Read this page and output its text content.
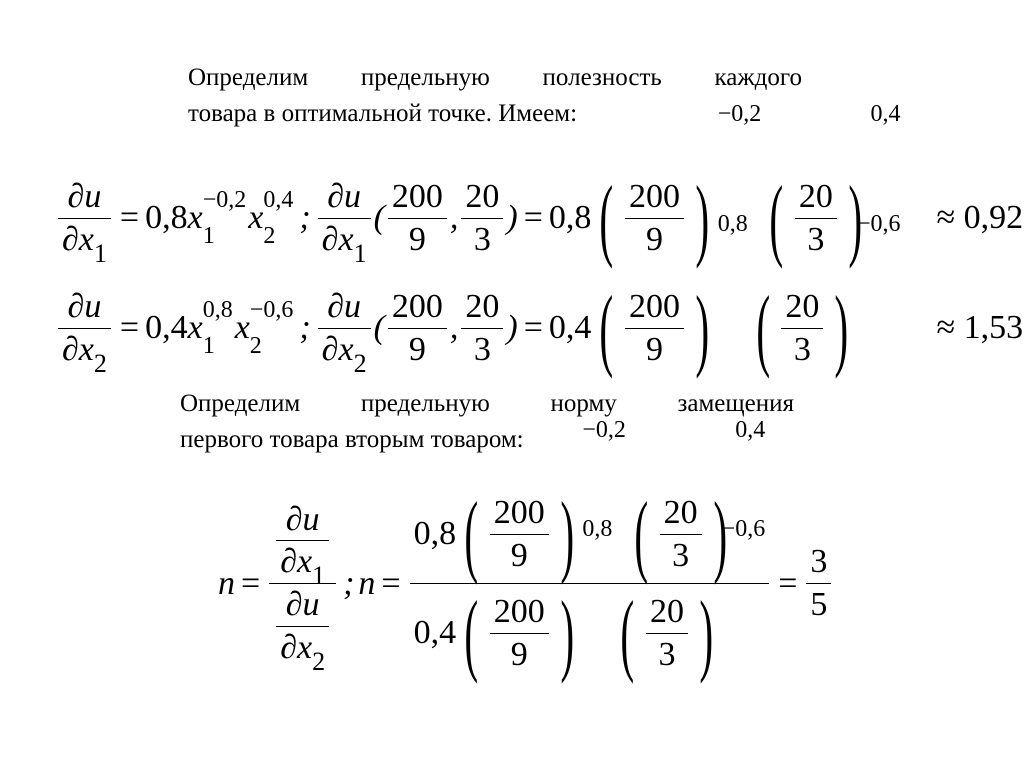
Определим предельную полезность каждого
товара в оптимальной точке. Имеем:
$\frac{\partial u}{\partial x_1} = 0,8$ x −0,2
1 x 0,4
2 ; $\frac{\partial u}{\partial x_1}$ ( $\frac{200}{9}$ , $\frac{20}{3}$ ) = 0,8 ( $\frac{200}{9}$ )
−0,2
( $\frac{20}{3}$ )
0,4
≈ 0,92
$\frac{\partial u}{\partial x_2} = 0,4$ x 0,8
1 x −0,6
2	; $\frac{\partial u}{\partial x_2}$ ( $\frac{200}{9}$ , $\frac{20}{3}$ ) = 0,4 ( $\frac{200}{9}$ )
0,8
( $\frac{20}{3}$ )
−0,6
≈ 1,53
Определим предельную норму замещения
первого товара вторым товаром:
$n = \frac{\frac{\partial u}{\partial x_1}}{\frac{\partial u}{\partial x_2}}$ ; n = 0,8 ( $\frac{200}{9}$ )
−0,2
( $\frac{20}{3}$ )
0,4
0,4 ( $\frac{200}{9}$ )
0,8
( $\frac{20}{3}$ )
$-0,6 = \frac{3}{5}$
